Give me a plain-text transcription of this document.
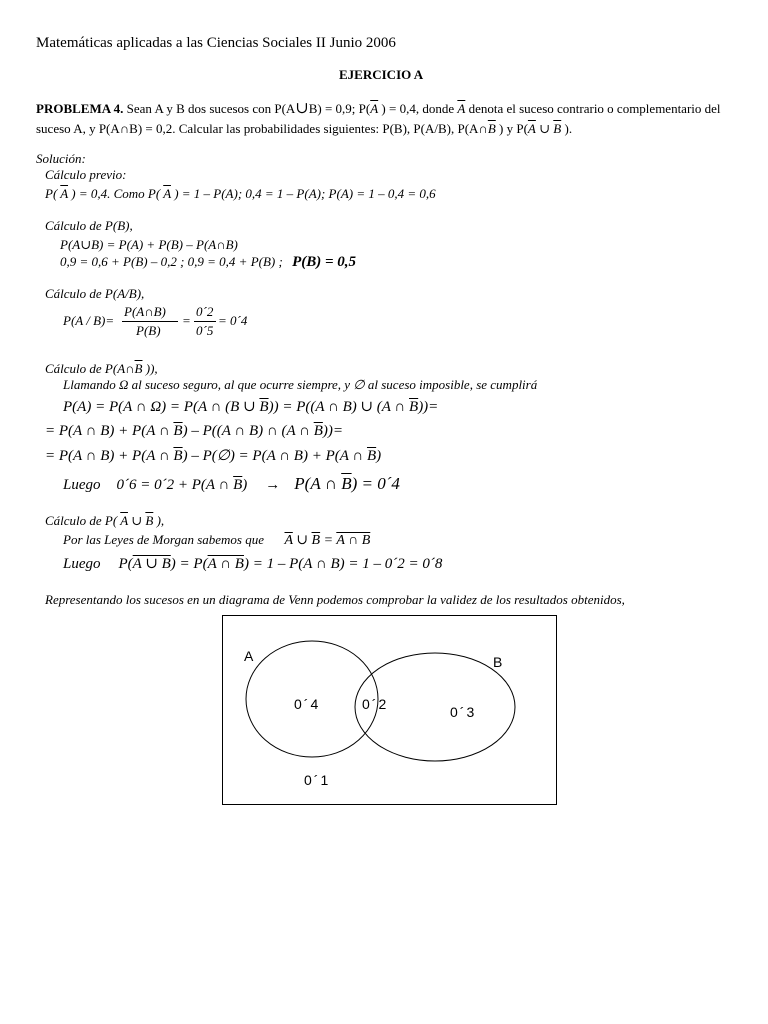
Matemáticas aplicadas a las Ciencias Sociales II Junio 2006
EJERCICIO A
PROBLEMA 4. Sean A y B dos sucesos con P(A∪B) = 0,9; $P(\overline{A}$ ) = 0,4, donde $\overline{A}$ denota el suceso contrario o complementario del
suceso A, y P(A∩B) = 0,2. Calcular las probabilidades siguientes: P(B), P(A/B), $P(A\cap\overline{B}$ ) y $P(\overline{A}$ ∪ $\overline{B}$ ).
Solución:
Cálculo previo:
P( $\overline{A}$ ) = 0,4. Como P( $\overline{A}$ ) = 1 – P(A); 0,4 = 1 – P(A); P(A) = 1 – 0,4 = 0,6
Cálculo de P(B),
P(A∪B) = P(A) + P(B) – P(A∩B)
0,9 = 0,6 + P(B) – 0,2 ; 0,9 = 0,4 + P(B) ; P(B) = 0,5
Cálculo de P(A/B),
P(A / B)=
P(A∩B)
P(B)
=
0´2
0´5
= 0´4
Cálculo de $P(A\cap\overline{B}$ )),
Llamando Ω al suceso seguro, al que ocurre siempre, y ∅ al suceso imposible, se cumplirá
P(A) = P(A ∩ Ω) = P(A ∩ (B ∪ $\overline{B})) = P((A$ ∩ B) ∪ (A ∩ $\overline{B}))=$
= P(A ∩ B) + P(A ∩ $\overline{B}) - P((A$ ∩ B) ∩ (A ∩ $\overline{B}))=$
= P(A ∩ B) + P(A ∩ $\overline{B}$) – P(∅) = P(A ∩ B) + P(A ∩ $\overline{B}$)
Luego 0´6 = 0´2 + P(A ∩ $\overline{B}) \to P(A$ ∩ $\overline{B}$) = 0´4
Cálculo de P( $\overline{A}$ ∪ $\overline{B}$ ),
Por las Leyes de Morgan sabemos que $\overline{A}$ ∪ $\overline{B} = A$ ∩ B
Luego P(A ∪ B) = P(A ∩ B) = 1 – P(A ∩ B) = 1 – 0´2 = 0´8
Representando los sucesos en un diagrama de Venn podemos comprobar la validez de los resultados obtenidos,
A	B
0´4	0´2	0´3
0´1
